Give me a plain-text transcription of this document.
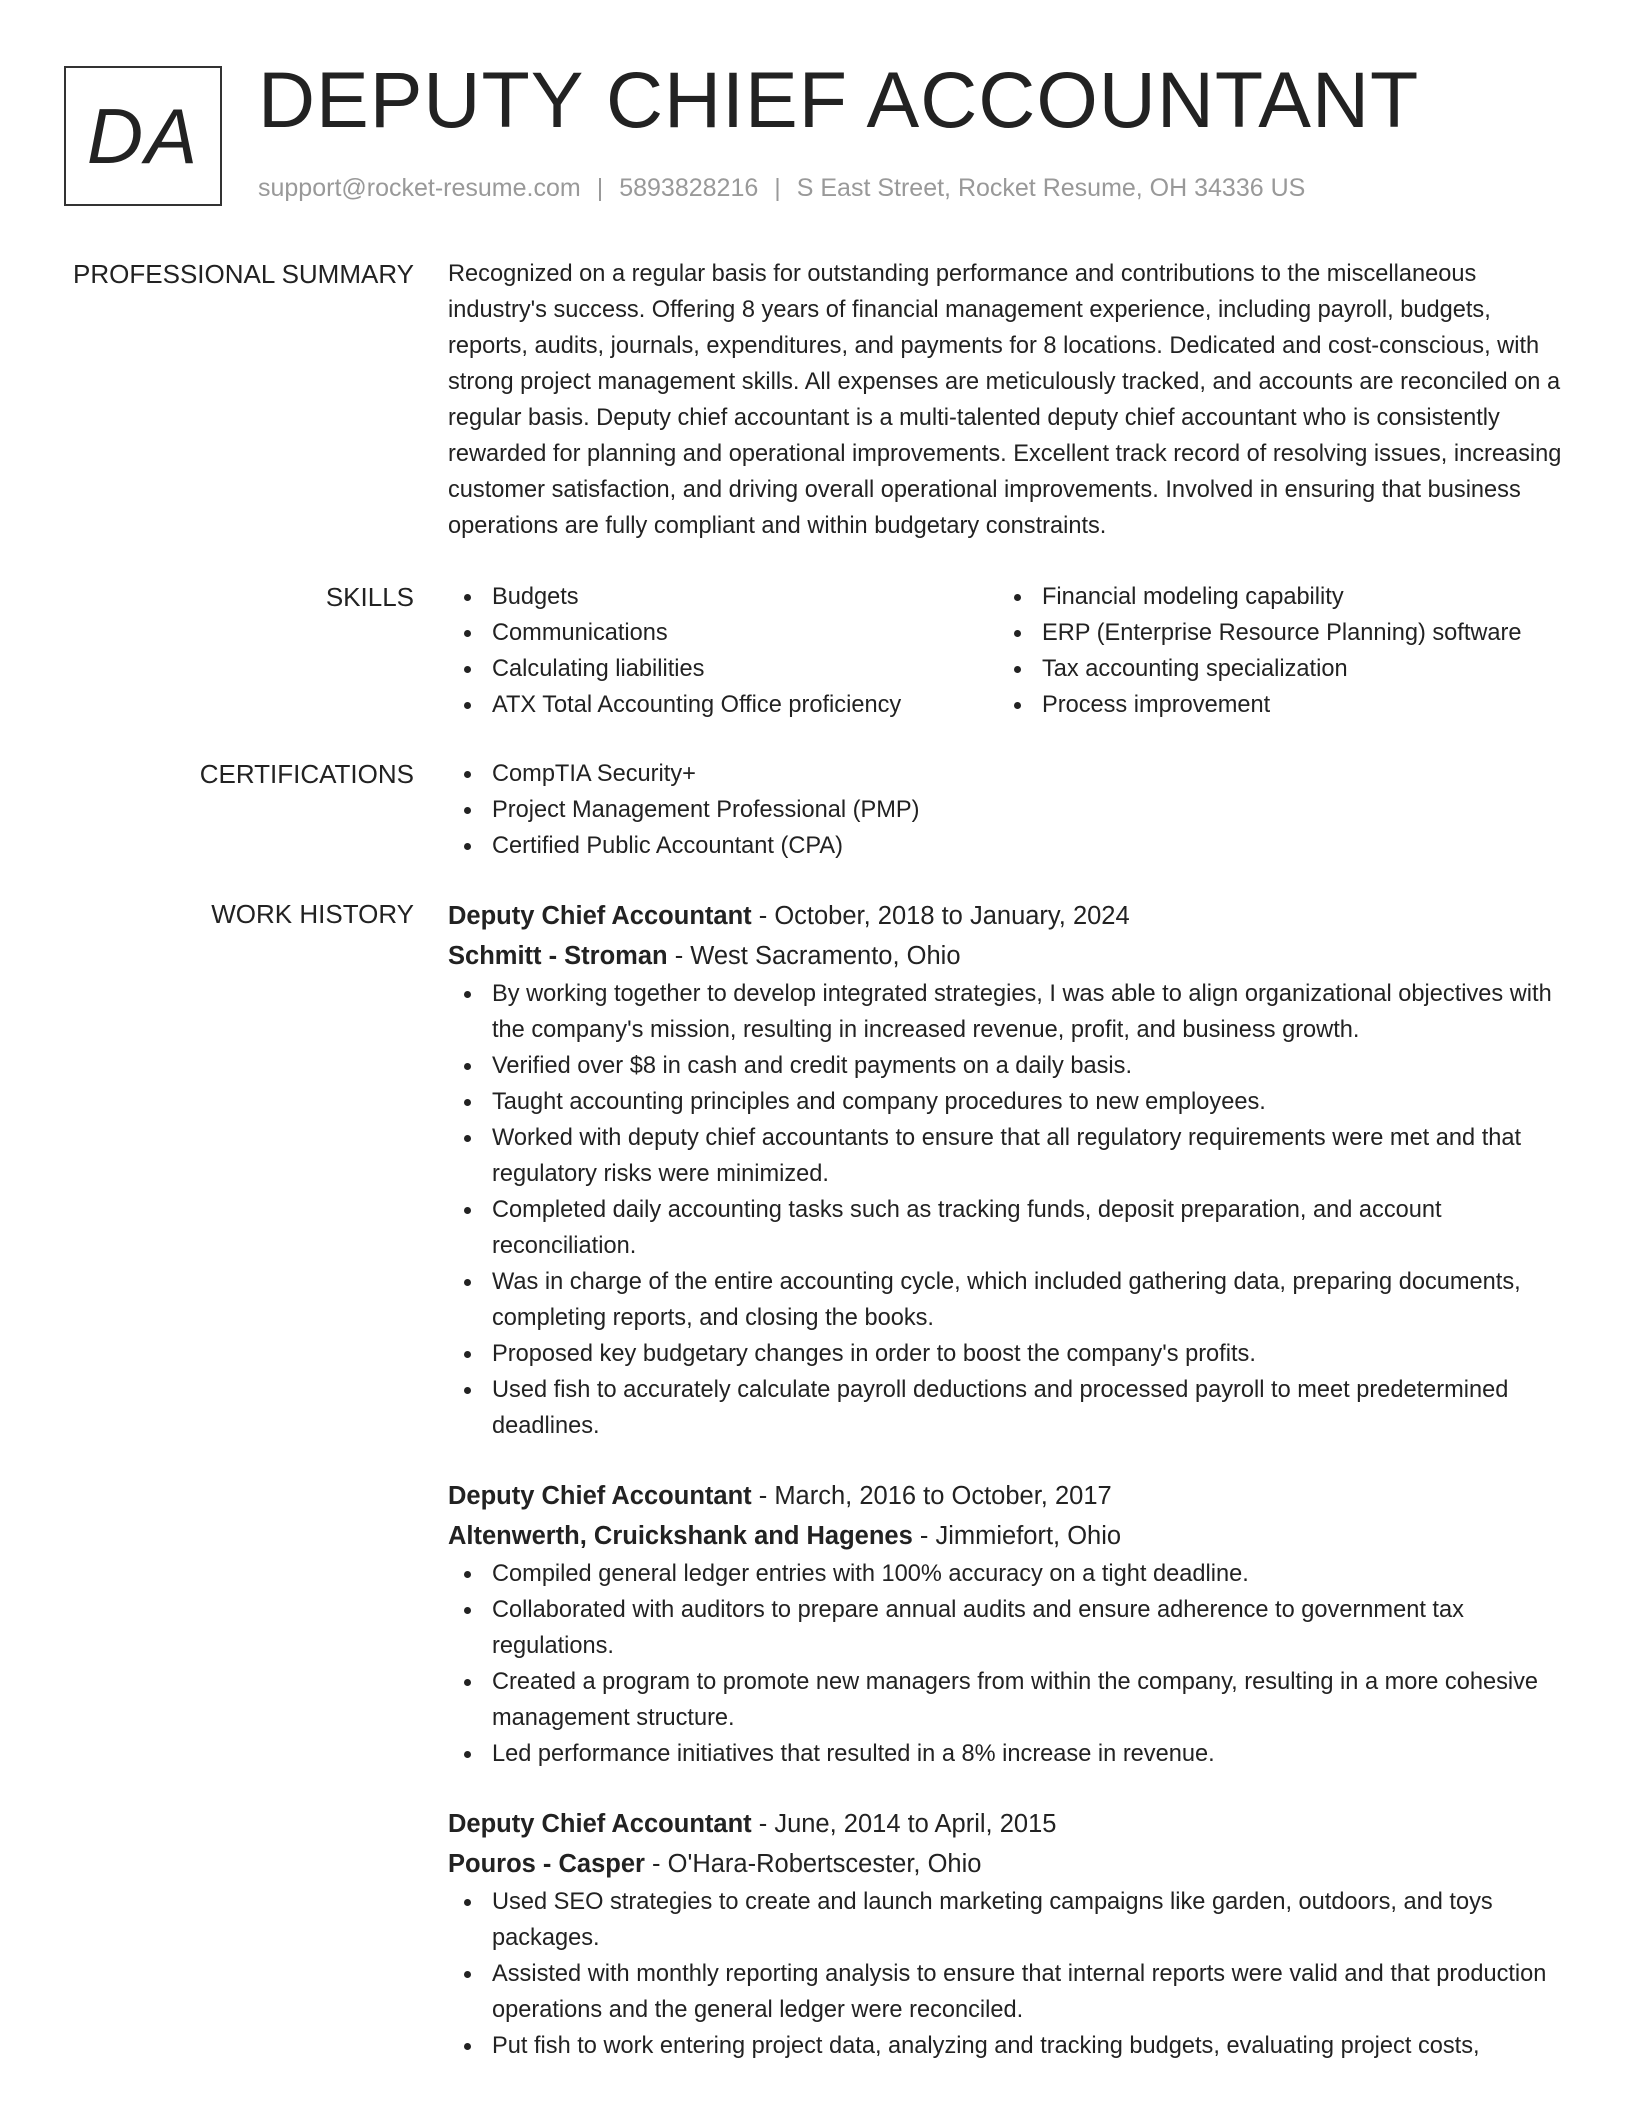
DA DEPUTY CHIEF ACCOUNTANT
support@rocket-resume.com | 5893828216 | S East Street, Rocket Resume, OH 34336 US
PROFESSIONAL SUMMARY Recognized on a regular basis for outstanding performance and contributions to the miscellaneous industry's success. Offering 8 years of financial management experience, including payroll, budgets, reports, audits, journals, expenditures, and payments for 8 locations. Dedicated and cost-conscious, with strong project management skills. All expenses are meticulously tracked, and accounts are reconciled on a regular basis. Deputy chief accountant is a multi-talented deputy chief accountant who is consistently rewarded for planning and operational improvements. Excellent track record of resolving issues, increasing customer satisfaction, and driving overall operational improvements. Involved in ensuring that business operations are fully compliant and within budgetary constraints.

SKILLS	Budgets
Communications
Calculating liabilities
ATX Total Accounting Office proficiency
Financial modeling capability
ERP (Enterprise Resource Planning) software
Tax accounting specialization
Process improvement
CERTIFICATIONS	CompTIA Security+
Project Management Professional (PMP)
Certified Public Accountant (CPA)
WORK HISTORY Deputy Chief Accountant - October, 2018 to January, 2024

Schmitt - Stroman - West Sacramento, Ohio

By working together to develop integrated strategies, I was able to align organizational objectives with the company's mission, resulting in increased revenue, profit, and business growth.
Verified over $8 in cash and credit payments on a daily basis.
Taught accounting principles and company procedures to new employees.
Worked with deputy chief accountants to ensure that all regulatory requirements were met and that regulatory risks were minimized.
Completed daily accounting tasks such as tracking funds, deposit preparation, and account reconciliation.
Was in charge of the entire accounting cycle, which included gathering data, preparing documents, completing reports, and closing the books.
Proposed key budgetary changes in order to boost the company's profits.
Used fish to accurately calculate payroll deductions and processed payroll to meet predetermined deadlines.

Deputy Chief Accountant - March, 2016 to October, 2017

Altenwerth, Cruickshank and Hagenes - Jimmiefort, Ohio

Compiled general ledger entries with 100% accuracy on a tight deadline.
Collaborated with auditors to prepare annual audits and ensure adherence to government tax regulations.
Created a program to promote new managers from within the company, resulting in a more cohesive management structure.
Led performance initiatives that resulted in a 8% increase in revenue.

Deputy Chief Accountant - June, 2014 to April, 2015

Pouros - Casper - O'Hara-Robertscester, Ohio

Used SEO strategies to create and launch marketing campaigns like garden, outdoors, and toys packages.
Assisted with monthly reporting analysis to ensure that internal reports were valid and that production operations and the general ledger were reconciled.
Put fish to work entering project data, analyzing and tracking budgets, evaluating project costs,
